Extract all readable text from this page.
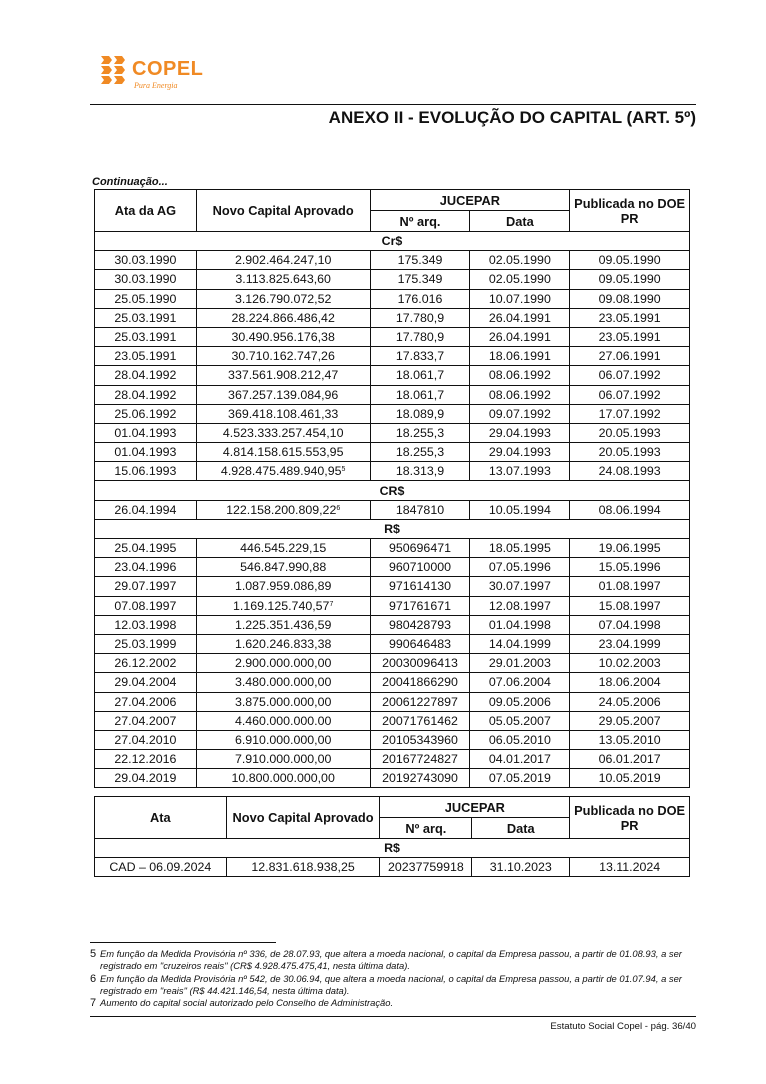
COPEL
Pura Energia
ANEXO II - EVOLUÇÃO DO CAPITAL (ART. 5º)
Continuação...
Ata da AG	Novo Capital Aprovado	JUCEPAR		Publicada no DOE PR
		Nº arq.	Data	
Cr$				
30.03.1990	2.902.464.247,10	175.349	02.05.1990	09.05.1990
30.03.1990	3.113.825.643,60	175.349	02.05.1990	09.05.1990
25.05.1990	3.126.790.072,52	176.016	10.07.1990	09.08.1990
25.03.1991	28.224.866.486,42	17.780,9	26.04.1991	23.05.1991
25.03.1991	30.490.956.176,38	17.780,9	26.04.1991	23.05.1991
23.05.1991	30.710.162.747,26	17.833,7	18.06.1991	27.06.1991
28.04.1992	337.561.908.212,47	18.061,7	08.06.1992	06.07.1992
28.04.1992	367.257.139.084,96	18.061,7	08.06.1992	06.07.1992
25.06.1992	369.418.108.461,33	18.089,9	09.07.1992	17.07.1992
01.04.1993	4.523.333.257.454,10	18.255,3	29.04.1993	20.05.1993
01.04.1993	4.814.158.615.553,95	18.255,3	29.04.1993	20.05.1993
15.06.1993	4.928.475.489.940,95$^5$	18.313,9	13.07.1993	24.08.1993
CR$				
26.04.1994	122.158.200.809,22$^6$	1847810	10.05.1994	08.06.1994
R$				
25.04.1995	446.545.229,15	950696471	18.05.1995	19.06.1995
23.04.1996	546.847.990,88	960710000	07.05.1996	15.05.1996
29.07.1997	1.087.959.086,89	971614130	30.07.1997	01.08.1997
07.08.1997	1.169.125.740,57$^7$	971761671	12.08.1997	15.08.1997
12.03.1998	1.225.351.436,59	980428793	01.04.1998	07.04.1998
25.03.1999	1.620.246.833,38	990646483	14.04.1999	23.04.1999
26.12.2002	2.900.000.000,00	20030096413	29.01.2003	10.02.2003
29.04.2004	3.480.000.000,00	20041866290	07.06.2004	18.06.2004
27.04.2006	3.875.000.000,00	20061227897	09.05.2006	24.05.2006
27.04.2007	4.460.000.000.00	20071761462	05.05.2007	29.05.2007
27.04.2010	6.910.000.000,00	20105343960	06.05.2010	13.05.2010
22.12.2016	7.910.000.000,00	20167724827	04.01.2017	06.01.2017
29.04.2019	10.800.000.000,00	20192743090	07.05.2019	10.05.2019
Ata	Novo Capital Aprovado	JUCEPAR		Publicada no DOE PR
		Nº arq.	Data	
R$				
CAD – 06.09.2024	12.831.618.938,25	20237759918	31.10.2023	13.11.2024
5 Em função da Medida Provisória nº 336, de 28.07.93, que altera a moeda nacional, o capital da Empresa passou, a partir de 01.08.93, a ser registrado em "cruzeiros reais" (CR$ 4.928.475.475,41, nesta última data).
6 Em função da Medida Provisória nº 542, de 30.06.94, que altera a moeda nacional, o capital da Empresa passou, a partir de 01.07.94, a ser registrado em "reais" (R$ 44.421.146,54, nesta última data).
7 Aumento do capital social autorizado pelo Conselho de Administração.
Estatuto Social Copel - pág. 36/40
